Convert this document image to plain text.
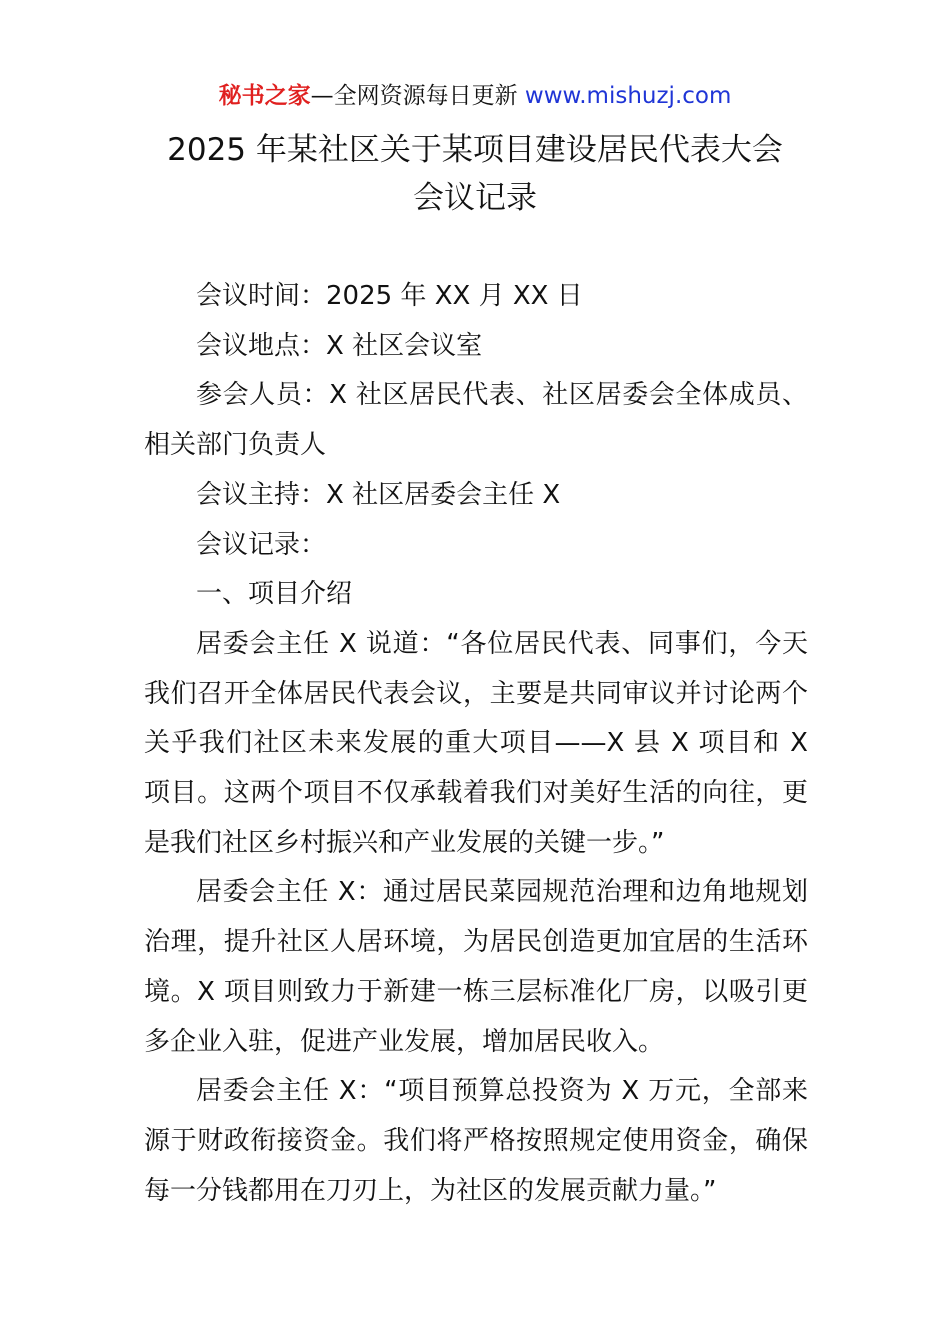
秘书之家—全网资源每日更新 www.mishuzj.com
2025 年某社区关于某项目建设居民代表大会
会议记录

会议时间：2025 年 XX 月 XX 日

会议地点：X 社区会议室

参会人员：X 社区居民代表、社区居委会全体成员、相关部门负责人

会议主持：X 社区居委会主任 X

会议记录：

一、项目介绍

居委会主任 X 说道：“各位居民代表、同事们，今天我们召开全体居民代表会议，主要是共同审议并讨论两个关乎我们社区未来发展的重大项目——X 县 X 项目和 X 项目。这两个项目不仅承载着我们对美好生活的向往，更是我们社区乡村振兴和产业发展的关键一步。”

居委会主任 X：通过居民菜园规范治理和边角地规划治理，提升社区人居环境，为居民创造更加宜居的生活环境。X 项目则致力于新建一栋三层标准化厂房，以吸引更多企业入驻，促进产业发展，增加居民收入。

居委会主任 X：“项目预算总投资为 X 万元，全部来源于财政衔接资金。我们将严格按照规定使用资金，确保每一分钱都用在刀刃上，为社区的发展贡献力量。”
